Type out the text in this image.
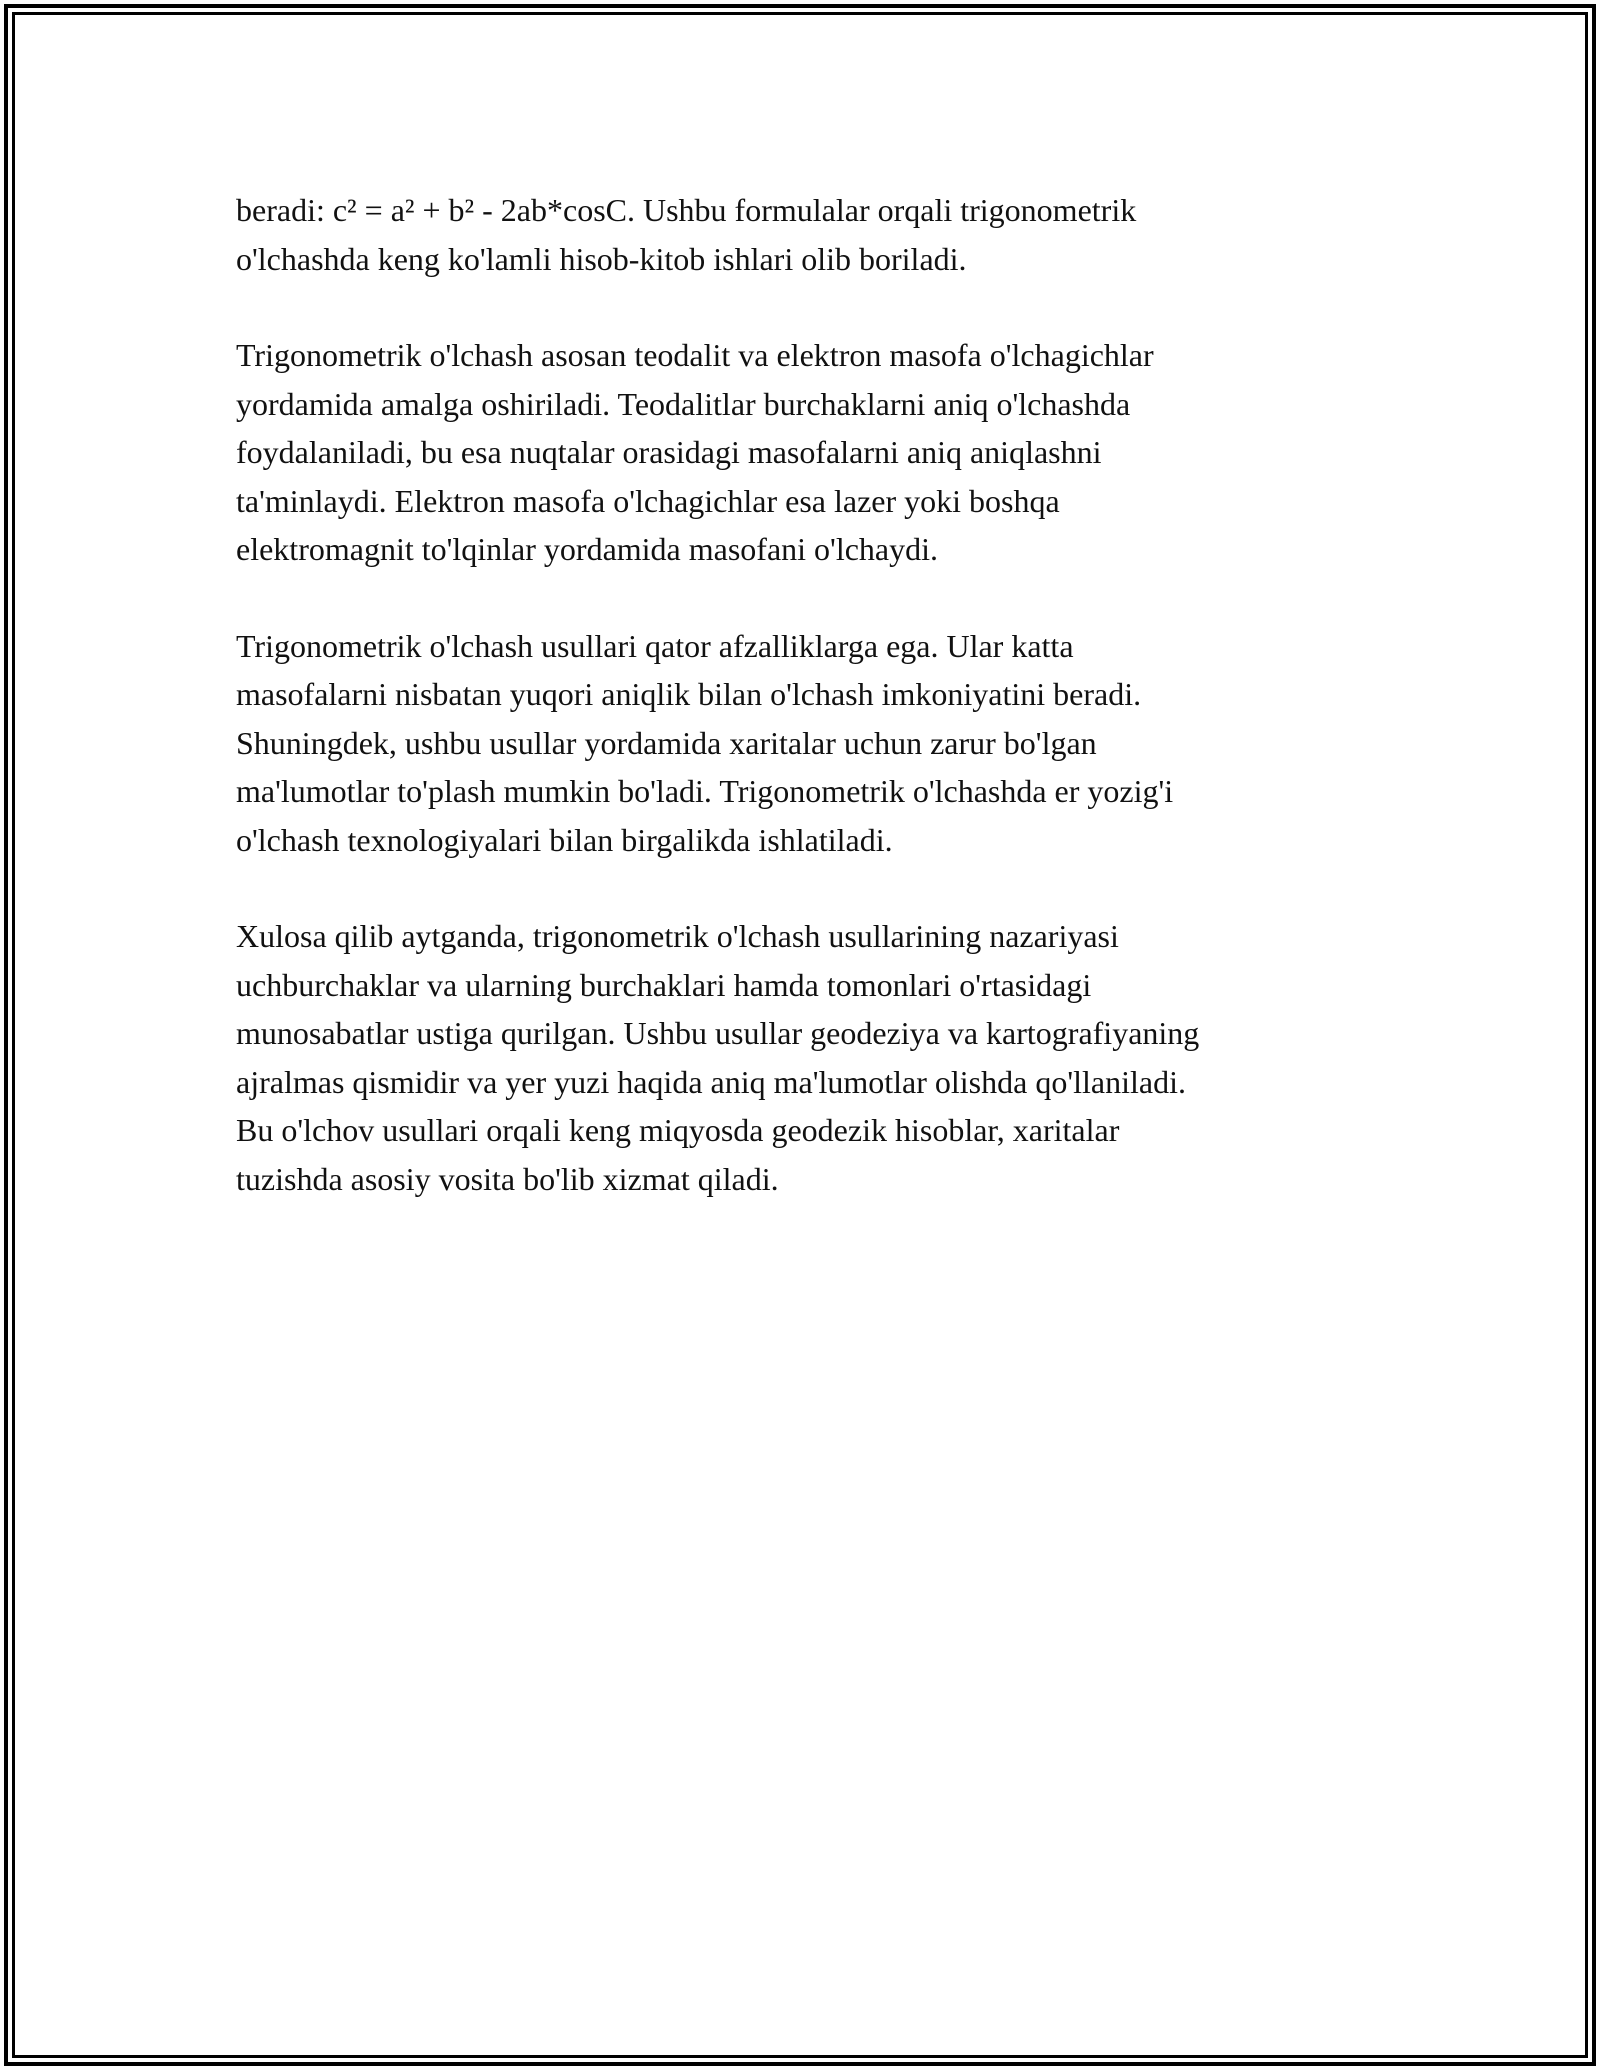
beradi: c² = a² + b² - 2ab*cosC. Ushbu formulalar orqali trigonometrik
o'lchashda keng ko'lamli hisob-kitob ishlari olib boriladi.

Trigonometrik o'lchash asosan teodalit va elektron masofa o'lchagichlar
yordamida amalga oshiriladi. Teodalitlar burchaklarni aniq o'lchashda
foydalaniladi, bu esa nuqtalar orasidagi masofalarni aniq aniqlashni
ta'minlaydi. Elektron masofa o'lchagichlar esa lazer yoki boshqa
elektromagnit to'lqinlar yordamida masofani o'lchaydi.

Trigonometrik o'lchash usullari qator afzalliklarga ega. Ular katta
masofalarni nisbatan yuqori aniqlik bilan o'lchash imkoniyatini beradi.
Shuningdek, ushbu usullar yordamida xaritalar uchun zarur bo'lgan
ma'lumotlar to'plash mumkin bo'ladi. Trigonometrik o'lchashda er yozig'i
o'lchash texnologiyalari bilan birgalikda ishlatiladi.

Xulosa qilib aytganda, trigonometrik o'lchash usullarining nazariyasi
uchburchaklar va ularning burchaklari hamda tomonlari o'rtasidagi
munosabatlar ustiga qurilgan. Ushbu usullar geodeziya va kartografiyaning
ajralmas qismidir va yer yuzi haqida aniq ma'lumotlar olishda qo'llaniladi.
Bu o'lchov usullari orqali keng miqyosda geodezik hisoblar, xaritalar
tuzishda asosiy vosita bo'lib xizmat qiladi.
